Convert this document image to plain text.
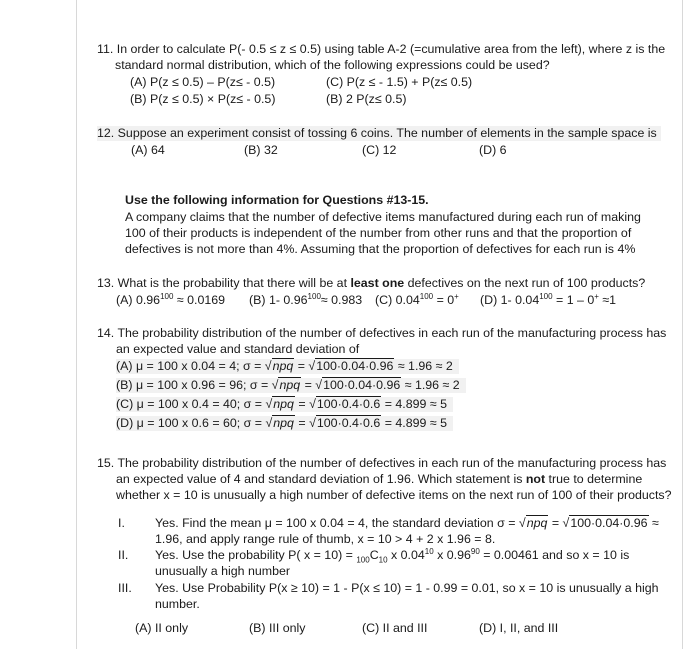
11. In order to calculate P(- 0.5 ≤ z ≤ 0.5) using table A-2 (=cumulative area from the left), where z is the
standard normal distribution, which of the following expressions could be used?
(A) P(z ≤ 0.5) – P(z≤ - 0.5)	(C) P(z ≤ - 1.5) + P(z≤ 0.5)
(B) P(z ≤ 0.5) × P(z≤ - 0.5)	(B) 2 P(z≤ 0.5)
12. Suppose an experiment consist of tossing 6 coins. The number of elements in the sample space is
(A) 64	(B) 32	(C) 12	(D) 6
Use the following information for Questions #13-15.
A company claims that the number of defective items manufactured during each run of making
100 of their products is independent of the number from other runs and that the proportion of
defectives is not more than 4%. Assuming that the proportion of defectives for each run is 4%
13. What is the probability that there will be at least one defectives on the next run of 100 products?
(A) $0.96^{100} \approx 0.0169$ (B) 1- $0.96^{100}\approx 0.983$ (C) $0.04^{100} = 0^+$ (D) 1- $0.04^{100} = 1 - 0^+ \approx 1$
14. The probability distribution of the number of defectives in each run of the manufacturing process has
an expected value and standard deviation of
(A) μ = 100 x 0.04 = 4; σ = √npq = √100·0.04·0.96 ≈ 1.96 ≈ 2
(B) μ = 100 x 0.96 = 96; σ = √npq = √100·0.04·0.96 ≈ 1.96 ≈ 2
(C) μ = 100 x 0.4 = 40; σ = √npq = √100·0.4·0.6 = 4.899 ≈ 5
(D) μ = 100 x 0.6 = 60; σ = √npq = √100·0.4·0.6 = 4.899 ≈ 5
15. The probability distribution of the number of defectives in each run of the manufacturing process has
an expected value of 4 and standard deviation of 1.96. Which statement is not true to determine
whether x = 10 is unusually a high number of defective items on the next run of 100 of their products?
I. Yes. Find the mean μ = 100 x 0.04 = 4, the standard deviation σ = √npq = √100·0.04·0.96 ≈
1.96, and apply range rule of thumb, x = 10 > 4 + 2 x 1.96 = 8.
II. Yes. Use the probability P( $x = 10) = _{100}C_{10}$ x 0.04$^{10}$ x $0.96^{90} = 0.00461$ and so x = 10 is
unusually a high number
III. Yes. Use Probability P(x ≥ 10) = 1 - P(x ≤ 10) = 1 - 0.99 = 0.01, so x = 10 is unusually a high
number.
(A) II only	(B) III only	(C) II and III	(D) I, II, and III
